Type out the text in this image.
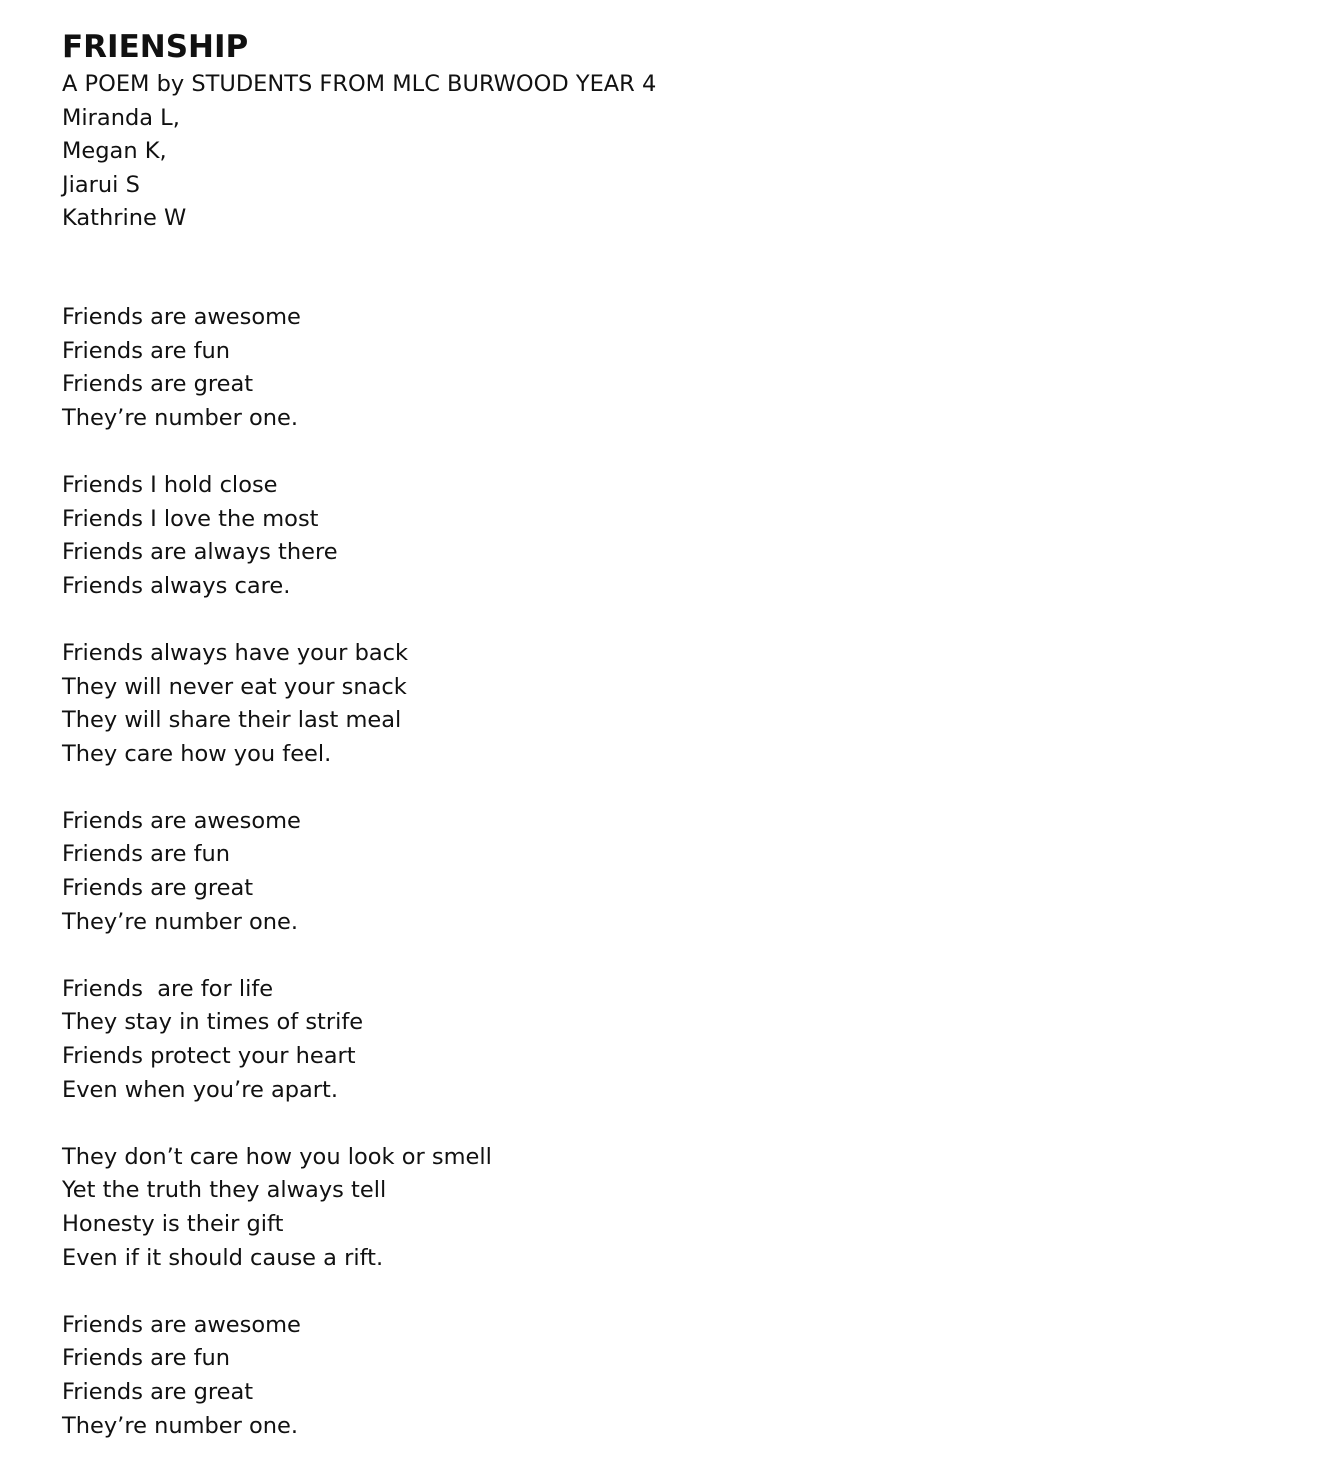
FRIENSHIP

A POEM by STUDENTS FROM MLC BURWOOD YEAR 4

Miranda L,

Megan K,

Jiarui S

Kathrine W

Friends are awesome

Friends are fun

Friends are great

They’re number one.

Friends I hold close

Friends I love the most

Friends are always there

Friends always care.

Friends always have your back

They will never eat your snack

They will share their last meal

They care how you feel.

Friends are awesome

Friends are fun

Friends are great

They’re number one.

Friends  are for life

They stay in times of strife

Friends protect your heart

Even when you’re apart.

They don’t care how you look or smell

Yet the truth they always tell

Honesty is their gift

Even if it should cause a rift.

Friends are awesome

Friends are fun

Friends are great

They’re number one.
